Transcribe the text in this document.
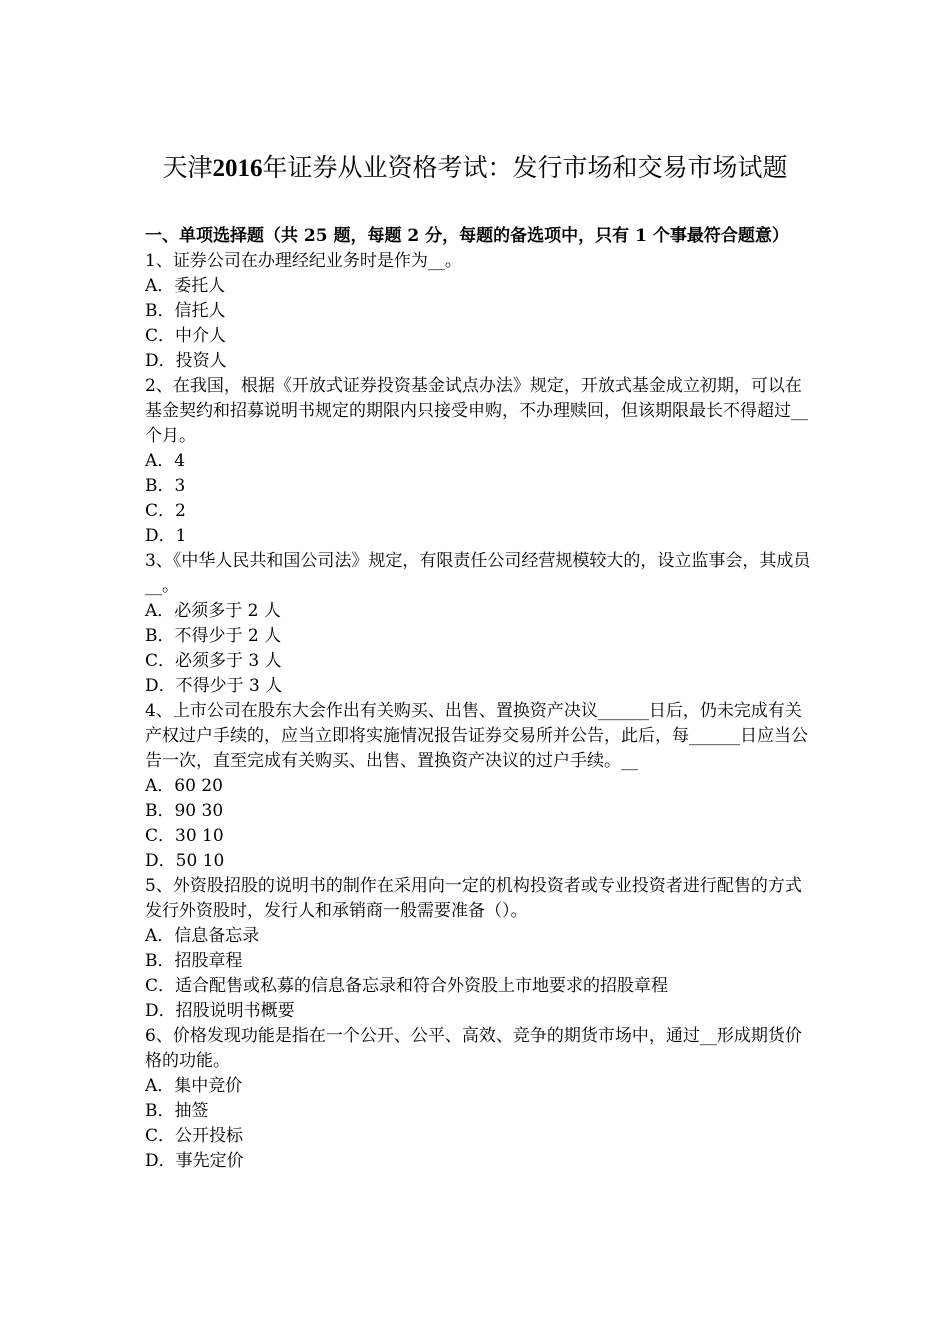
天津2016年证券从业资格考试：发行市场和交易市场试题

一、单项选择题（共 25 题，每题 2 分，每题的备选项中，只有 1 个事最符合题意）

1、证券公司在办理经纪业务时是作为__。

A．委托人

B．信托人

C．中介人

D．投资人

2、在我国，根据《开放式证券投资基金试点办法》规定，开放式基金成立初期，可以在基金契约和招募说明书规定的期限内只接受申购，不办理赎回，但该期限最长不得超过__个月。

A．4

B．3

C．2

D．1

3、《中华人民共和国公司法》规定，有限责任公司经营规模较大的，设立监事会，其成员__。

A．必须多于 2 人

B．不得少于 2 人

C．必须多于 3 人

D．不得少于 3 人

4、上市公司在股东大会作出有关购买、出售、置换资产决议______日后，仍未完成有关产权过户手续的，应当立即将实施情况报告证券交易所并公告，此后，每______日应当公告一次，直至完成有关购买、出售、置换资产决议的过户手续。__

A．60 20

B．90 30

C．30 10

D．50 10

5、外资股招股的说明书的制作在采用向一定的机构投资者或专业投资者进行配售的方式发行外资股时，发行人和承销商一般需要准备（）。

A．信息备忘录

B．招股章程

C．适合配售或私募的信息备忘录和符合外资股上市地要求的招股章程

D．招股说明书概要

6、价格发现功能是指在一个公开、公平、高效、竞争的期货市场中，通过__形成期货价格的功能。

A．集中竞价

B．抽签

C．公开投标

D．事先定价
